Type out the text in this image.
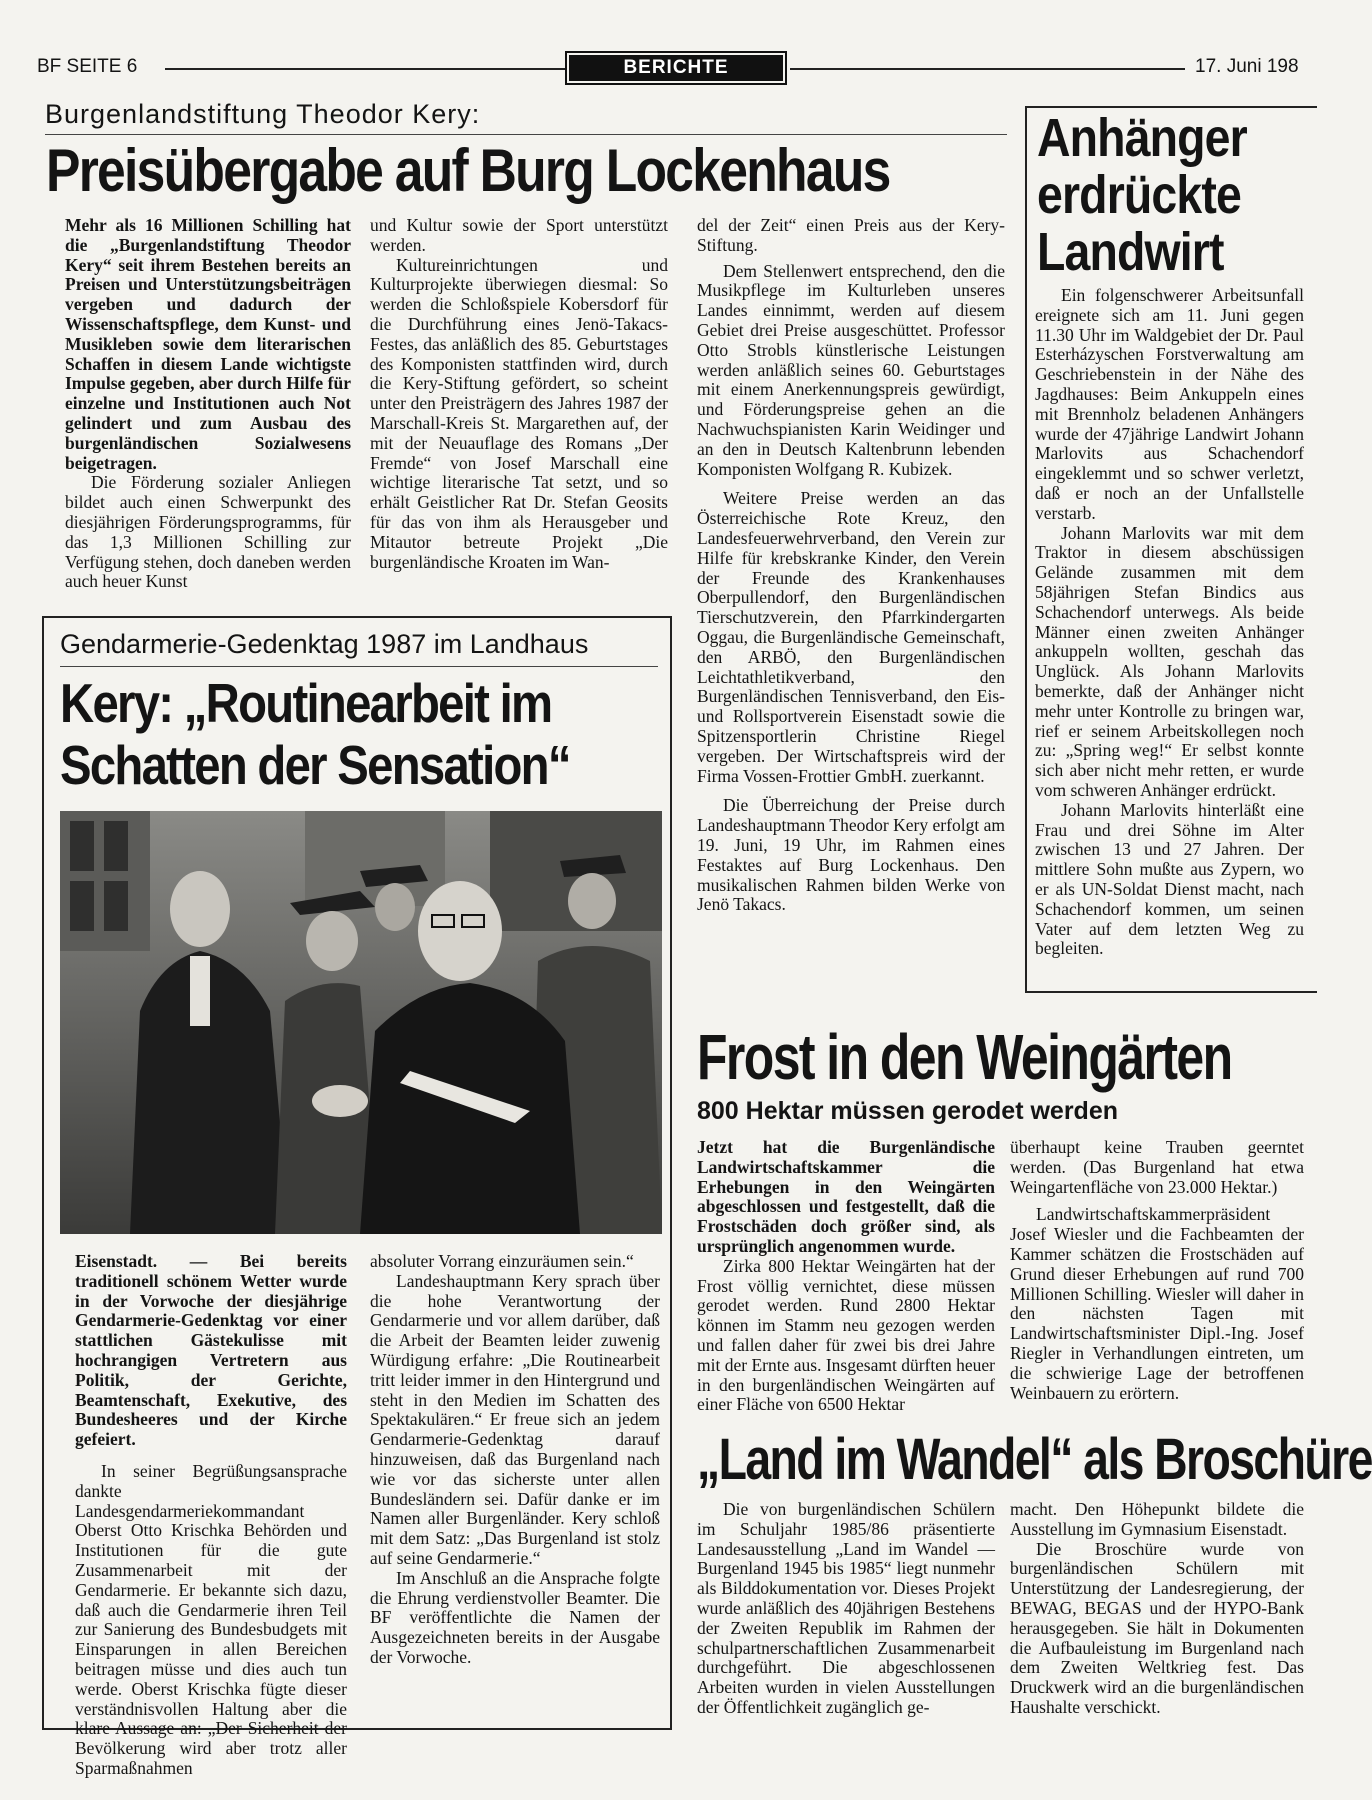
BF SEITE 6	BERICHTE	17. Juni 198
Burgenlandstiftung Theodor Kery:
Preisübergabe auf Burg Lockenhaus

Mehr als 16 Millionen Schilling hat die „Burgenlandstiftung Theodor Kery“ seit ihrem Bestehen bereits an Preisen und Unterstützungsbeiträgen vergeben und dadurch der Wissenschaftspflege, dem Kunst- und Musikleben sowie dem literarischen Schaffen in diesem Lande wichtigste Impulse gegeben, aber durch Hilfe für einzelne und Institutionen auch Not gelindert und zum Ausbau des burgenländischen Sozialwesens beigetragen.

Die Förderung sozialer Anliegen bildet auch einen Schwerpunkt des diesjährigen Förderungsprogramms, für das 1,3 Millionen Schilling zur Verfügung stehen, doch daneben werden auch heuer Kunst

und Kultur sowie der Sport unterstützt werden.

Kultureinrichtungen und Kulturprojekte überwiegen diesmal: So werden die Schloßspiele Kobersdorf für die Durchführung eines Jenö-Takacs-Festes, das anläßlich des 85. Geburtstages des Komponisten stattfinden wird, durch die Kery-Stiftung gefördert, so scheint unter den Preisträgern des Jahres 1987 der Marschall-Kreis St. Margarethen auf, der mit der Neuauflage des Romans „Der Fremde“ von Josef Marschall eine wichtige literarische Tat setzt, und so erhält Geistlicher Rat Dr. Stefan Geosits für das von ihm als Herausgeber und Mitautor betreute Projekt „Die burgenländische Kroaten im Wan-

del der Zeit“ einen Preis aus der Kery-Stiftung.

Dem Stellenwert entsprechend, den die Musikpflege im Kulturleben unseres Landes einnimmt, werden auf diesem Gebiet drei Preise ausgeschüttet. Professor Otto Strobls künstlerische Leistungen werden anläßlich seines 60. Geburtstages mit einem Anerkennungspreis gewürdigt, und Förderungspreise gehen an die Nachwuchspianisten Karin Weidinger und an den in Deutsch Kaltenbrunn lebenden Komponisten Wolfgang R. Kubizek.

Weitere Preise werden an das Österreichische Rote Kreuz, den Landesfeuerwehrverband, den Verein zur Hilfe für krebskranke Kinder, den Verein der Freunde des Krankenhauses Oberpullendorf, den Burgenländischen Tierschutzverein, den Pfarrkindergarten Oggau, die Burgenländische Gemeinschaft, den ARBÖ, den Burgenländischen Leichtathletikverband, den Burgenländischen Tennisverband, den Eis- und Rollsportverein Eisenstadt sowie die Spitzensportlerin Christine Riegel vergeben. Der Wirtschaftspreis wird der Firma Vossen-Frottier GmbH. zuerkannt.

Die Überreichung der Preise durch Landeshauptmann Theodor Kery erfolgt am 19. Juni, 19 Uhr, im Rahmen eines Festaktes auf Burg Lockenhaus. Den musikalischen Rahmen bilden Werke von Jenö Takacs.

Anhänger erdrückte Landwirt

Ein folgenschwerer Arbeitsunfall ereignete sich am 11. Juni gegen 11.30 Uhr im Waldgebiet der Dr. Paul Esterházyschen Forstverwaltung am Geschriebenstein in der Nähe des Jagdhauses: Beim Ankuppeln eines mit Brennholz beladenen Anhängers wurde der 47jährige Landwirt Johann Marlovits aus Schachendorf eingeklemmt und so schwer verletzt, daß er noch an der Unfallstelle verstarb.

Johann Marlovits war mit dem Traktor in diesem abschüssigen Gelände zusammen mit dem 58jährigen Stefan Bindics aus Schachendorf unterwegs. Als beide Männer einen zweiten Anhänger ankuppeln wollten, geschah das Unglück. Als Johann Marlovits bemerkte, daß der Anhänger nicht mehr unter Kontrolle zu bringen war, rief er seinem Arbeitskollegen noch zu: „Spring weg!“ Er selbst konnte sich aber nicht mehr retten, er wurde vom schweren Anhänger erdrückt.

Johann Marlovits hinterläßt eine Frau und drei Söhne im Alter zwischen 13 und 27 Jahren. Der mittlere Sohn mußte aus Zypern, wo er als UN-Soldat Dienst macht, nach Schachendorf kommen, um seinen Vater auf dem letzten Weg zu begleiten.

Gendarmerie-Gedenktag 1987 im Landhaus
Kery: „Routinearbeit im
Schatten der Sensation“

Eisenstadt. — Bei bereits traditionell schönem Wetter wurde in der Vorwoche der diesjährige Gendarmerie-Gedenktag vor einer stattlichen Gästekulisse mit hochrangigen Vertretern aus Politik, der Gerichte, Beamtenschaft, Exekutive, des Bundesheeres und der Kirche gefeiert.

In seiner Begrüßungsansprache dankte Landesgendarmeriekommandant Oberst Otto Krischka Behörden und Institutionen für die gute Zusammenarbeit mit der Gendarmerie. Er bekannte sich dazu, daß auch die Gendarmerie ihren Teil zur Sanierung des Bundesbudgets mit Einsparungen in allen Bereichen beitragen müsse und dies auch tun werde. Oberst Krischka fügte dieser verständnisvollen Haltung aber die klare Aussage an: „Der Sicherheit der Bevölkerung wird aber trotz aller Sparmaßnahmen

absoluter Vorrang einzuräumen sein.“

Landeshauptmann Kery sprach über die hohe Verantwortung der Gendarmerie und vor allem darüber, daß die Arbeit der Beamten leider zuwenig Würdigung erfahre: „Die Routinearbeit tritt leider immer in den Hintergrund und steht in den Medien im Schatten des Spektakulären.“ Er freue sich an jedem Gendarmerie-Gedenktag darauf hinzuweisen, daß das Burgenland nach wie vor das sicherste unter allen Bundesländern sei. Dafür danke er im Namen aller Burgenländer. Kery schloß mit dem Satz: „Das Burgenland ist stolz auf seine Gendarmerie.“

Im Anschluß an die Ansprache folgte die Ehrung verdienstvoller Beamter. Die BF veröffentlichte die Namen der Ausgezeichneten bereits in der Ausgabe der Vorwoche.

Frost in den Weingärten
800 Hektar müssen gerodet werden

Jetzt hat die Burgenländische Landwirtschaftskammer die Erhebungen in den Weingärten abgeschlossen und festgestellt, daß die Frostschäden doch größer sind, als ursprünglich angenommen wurde.

Zirka 800 Hektar Weingärten hat der Frost völlig vernichtet, diese müssen gerodet werden. Rund 2800 Hektar können im Stamm neu gezogen werden und fallen daher für zwei bis drei Jahre mit der Ernte aus. Insgesamt dürften heuer in den burgenländischen Weingärten auf einer Fläche von 6500 Hektar

überhaupt keine Trauben geerntet werden. (Das Burgenland hat etwa Weingartenfläche von 23.000 Hektar.)

Landwirtschaftskammerpräsident Josef Wiesler und die Fachbeamten der Kammer schätzen die Frostschäden auf Grund dieser Erhebungen auf rund 700 Millionen Schilling. Wiesler will daher in den nächsten Tagen mit Landwirtschaftsminister Dipl.-Ing. Josef Riegler in Verhandlungen eintreten, um die schwierige Lage der betroffenen Weinbauern zu erörtern.

„Land im Wandel“ als Broschüre

Die von burgenländischen Schülern im Schuljahr 1985/86 präsentierte Landesausstellung „Land im Wandel — Burgenland 1945 bis 1985“ liegt nunmehr als Bilddokumentation vor. Dieses Projekt wurde anläßlich des 40jährigen Bestehens der Zweiten Republik im Rahmen der schulpartnerschaftlichen Zusammenarbeit durchgeführt. Die abgeschlossenen Arbeiten wurden in vielen Ausstellungen der Öffentlichkeit zugänglich ge-

macht. Den Höhepunkt bildete die Ausstellung im Gymnasium Eisenstadt.

Die Broschüre wurde von burgenländischen Schülern mit Unterstützung der Landesregierung, der BEWAG, BEGAS und der HYPO-Bank herausgegeben. Sie hält in Dokumenten die Aufbauleistung im Burgenland nach dem Zweiten Weltkrieg fest. Das Druckwerk wird an die burgenländischen Haushalte verschickt.
